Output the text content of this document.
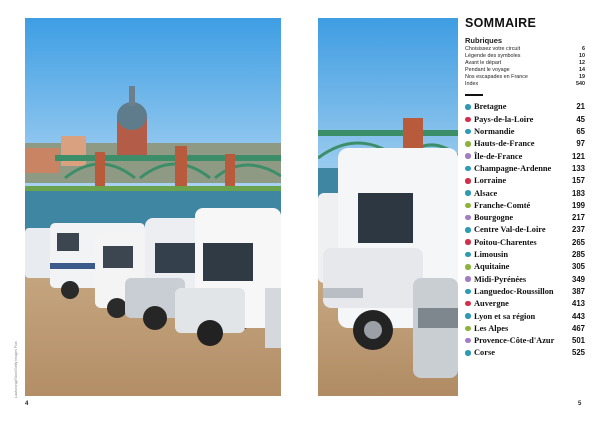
Lawkwong/iStock/Getty Images Plus
4	5
SOMMAIRE
Rubriques
Choisissez votre circuit	6
Légende des symboles	10
Avant le départ	12
Pendant le voyage	14
Nos escapades en France	19
Index	540
Bretagne	21
Pays-de-la-Loire	45
Normandie	65
Hauts-de-France	97
Île-de-France	121
Champagne-Ardenne	133
Lorraine	157
Alsace	183
Franche-Comté	199
Bourgogne	217
Centre Val-de-Loire	237
Poitou-Charentes	265
Limousin	285
Aquitaine	305
Midi-Pyrénées	349
Languedoc-Roussillon	387
Auvergne	413
Lyon et sa région	443
Les Alpes	467
Provence-Côte-d'Azur	501
Corse	525
